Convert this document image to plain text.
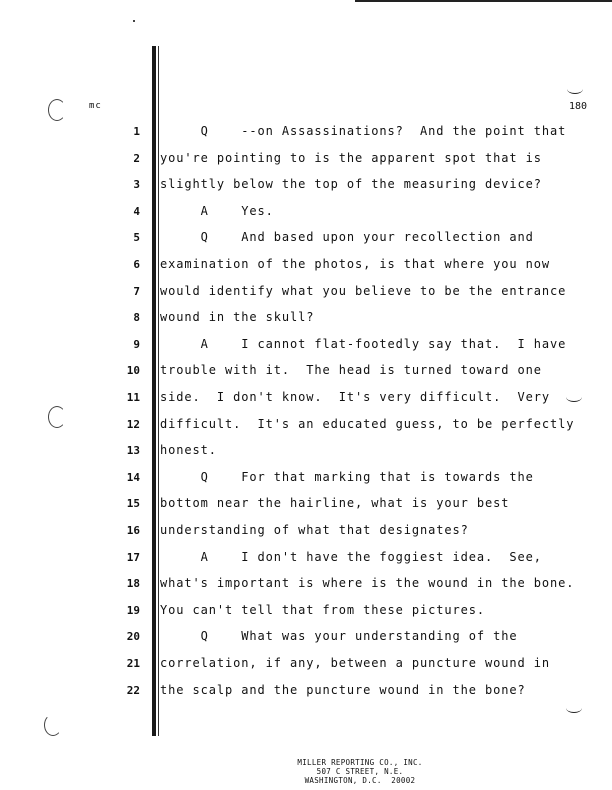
mc	180
1 Q    --on Assassinations?  And the point that
2 you're pointing to is the apparent spot that is
3 slightly below the top of the measuring device?
4 A    Yes.
5 Q    And based upon your recollection and
6 examination of the photos, is that where you now
7 would identify what you believe to be the entrance
8 wound in the skull?
9 A    I cannot flat-footedly say that.  I have
10 trouble with it.  The head is turned toward one
11 side.  I don't know.  It's very difficult.  Very
12 difficult.  It's an educated guess, to be perfectly
13 honest.
14 Q    For that marking that is towards the
15 bottom near the hairline, what is your best
16 understanding of what that designates?
17 A    I don't have the foggiest idea.  See,
18 what's important is where is the wound in the bone.
19 You can't tell that from these pictures.
20 Q    What was your understanding of the
21 correlation, if any, between a puncture wound in
22 the scalp and the puncture wound in the bone?
MILLER REPORTING CO., INC.
507 C STREET, N.E.
WASHINGTON, D.C.  20002
